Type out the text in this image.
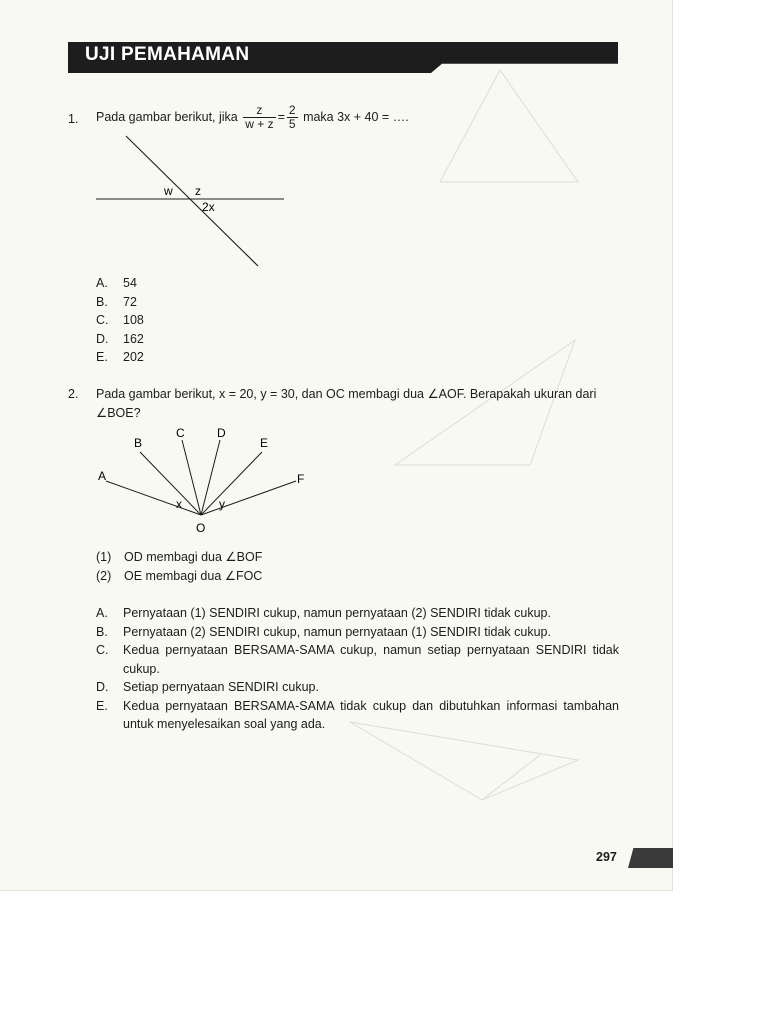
UJI PEMAHAMAN
1. Pada gambar berikut, jika $\frac{z}{w + z} = \frac{2}{5}$ maka 3x + 40 = ….
w z
2x
A.	54
B.	72
C.	108
D.	162
E.	202
2. Pada gambar berikut, x = 20, y = 30, dan OC membagi dua ∠AOF. Berapakah ukuran dari
∠BOE?
A
B
C	D
E
F
O
x	y
(1)	OD membagi dua ∠BOF
(2)	OE membagi dua ∠FOC
A.	Pernyataan (1) SENDIRI cukup, namun pernyataan (2) SENDIRI tidak cukup.
B.	Pernyataan (2) SENDIRI cukup, namun pernyataan (1) SENDIRI tidak cukup.
C.	Kedua pernyataan BERSAMA-SAMA cukup, namun setiap pernyataan SENDIRI tidak cukup.
D.	Setiap pernyataan SENDIRI cukup.
E.	Kedua pernyataan BERSAMA-SAMA tidak cukup dan dibutuhkan informasi tambahan untuk menyelesaikan soal yang ada.
297
